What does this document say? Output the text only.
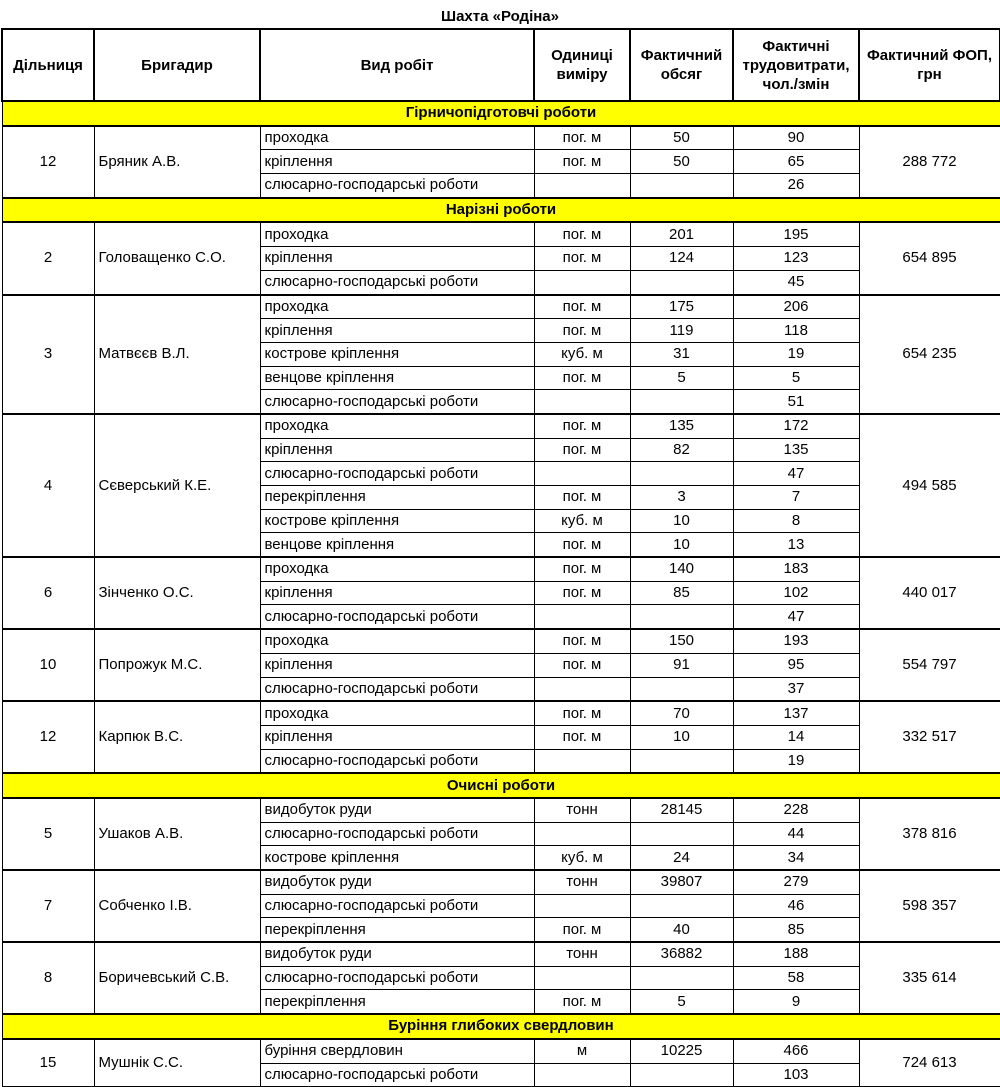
Шахта «Родіна»
Дільниця	Бригадир	Вид робіт	Одиниці виміру	Фактичний обсяг	Фактичні трудовитрати, чол./змін	Фактичний ФОП, грн
Гірничопідготовчі роботи						
12	Бряник А.В.	проходка	пог. м	50	90	288 772
		кріплення	пог. м	50	65	
		слюсарно-господарські роботи			26	
Нарізні роботи						
2	Головащенко С.О.	проходка	пог. м	201	195	654 895
		кріплення	пог. м	124	123	
		слюсарно-господарські роботи			45	
3	Матвєєв В.Л.	проходка	пог. м	175	206	654 235
		кріплення	пог. м	119	118	
		кострове кріплення	куб. м	31	19	
		венцове кріплення	пог. м	5	5	
		слюсарно-господарські роботи			51	
4	Сєверський К.Е.	проходка	пог. м	135	172	494 585
		кріплення	пог. м	82	135	
		слюсарно-господарські роботи			47	
		перекріплення	пог. м	3	7	
		кострове кріплення	куб. м	10	8	
		венцове кріплення	пог. м	10	13	
6	Зінченко О.С.	проходка	пог. м	140	183	440 017
		кріплення	пог. м	85	102	
		слюсарно-господарські роботи			47	
10	Попрожук М.С.	проходка	пог. м	150	193	554 797
		кріплення	пог. м	91	95	
		слюсарно-господарські роботи			37	
12	Карпюк В.С.	проходка	пог. м	70	137	332 517
		кріплення	пог. м	10	14	
		слюсарно-господарські роботи			19	
Очисні роботи						
5	Ушаков А.В.	видобуток руди	тонн	28145	228	378 816
		слюсарно-господарські роботи			44	
		кострове кріплення	куб. м	24	34	
7	Собченко І.В.	видобуток руди	тонн	39807	279	598 357
		слюсарно-господарські роботи			46	
		перекріплення	пог. м	40	85	
8	Боричевський С.В.	видобуток руди	тонн	36882	188	335 614
		слюсарно-господарські роботи			58	
		перекріплення	пог. м	5	9	
Буріння глибоких свердловин						
15	Мушнік С.С.	буріння свердловин	м	10225	466	724 613
		слюсарно-господарські роботи			103	
